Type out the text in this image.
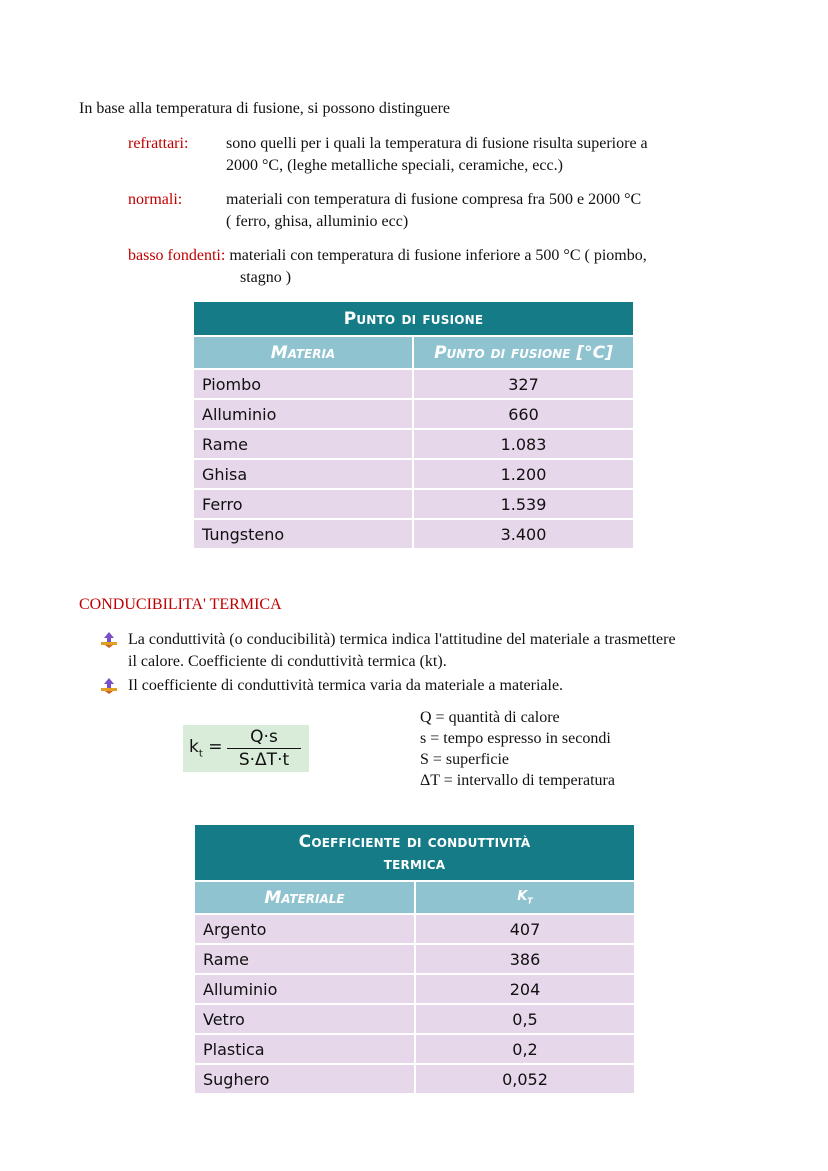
In base alla temperatura di fusione, si possono distinguere
refrattari: sono quelli per i quali la temperatura di fusione risulta superiore a
2000 °C, (leghe metalliche speciali, ceramiche, ecc.)
normali:	materiali con temperatura di fusione compresa fra 500 e 2000 °C
( ferro, ghisa, alluminio ecc)
basso fondenti: materiali con temperatura di fusione inferiore a 500 °C ( piombo,
stagno )
Punto di fusione	
Materia	Punto di fusione [°C]
Piombo	327
Alluminio	660
Rame	1.083
Ghisa	1.200
Ferro	1.539
Tungsteno	3.400
CONDUCIBILITA' TERMICA
La conduttività (o conducibilità) termica indica l'attitudine del materiale a trasmettere
il calore. Coefficiente di conduttività termica (kt).
Il coefficiente di conduttività termica varia da materiale a materiale.
$k_t$ =	Q·s
S·ΔT·t
Q = quantità di calore
s = tempo espresso in secondi
S = superficie
ΔT = intervallo di temperatura
Coefficiente di conduttività
termica	

Materiale	$K_T$
Argento	407
Rame	386
Alluminio	204
Vetro	0,5
Plastica	0,2
Sughero	0,052
